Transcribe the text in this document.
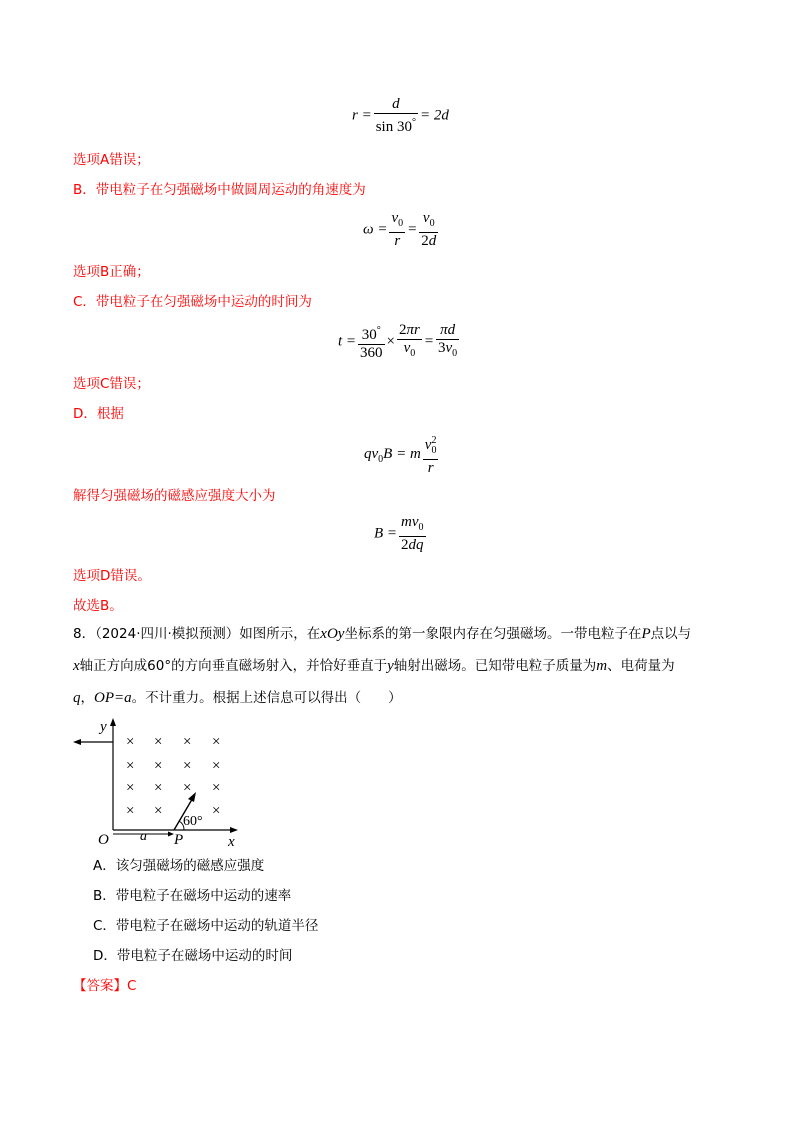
$r = \frac{d}{\sin 30^\circ} = 2d$
选项A错误；
B．带电粒子在匀强磁场中做圆周运动的角速度为
$\omega = \frac{v_0}{r} = \frac{v_0}{2d}$
选项B正确；
C．带电粒子在匀强磁场中运动的时间为
$t = \frac{30^\circ}{360} \times \frac{2\pi r}{v_0} = \frac{\pi d}{3v_0}$
选项C错误；
D．根据
$qv_0B = m \frac{v_0^2}{r}$
解得匀强磁场的磁感应强度大小为
$B = \frac{mv_0}{2dq}$
选项D错误。
故选B。
8．（2024·四川·模拟预测）如图所示，在xOy坐标系的第一象限内存在匀强磁场。一带电粒子在P点以与
x轴正方向成60°的方向垂直磁场射入，并恰好垂直于y轴射出磁场。已知带电粒子质量为m、电荷量为
q，OP=a。不计重力。根据上述信息可以得出（　　）
y
x
O a P
60°
× × × ×
× × × ×
× × × ×
× ×	×
A．该匀强磁场的磁感应强度
B．带电粒子在磁场中运动的速率
C．带电粒子在磁场中运动的轨道半径
D．带电粒子在磁场中运动的时间
【答案】C
